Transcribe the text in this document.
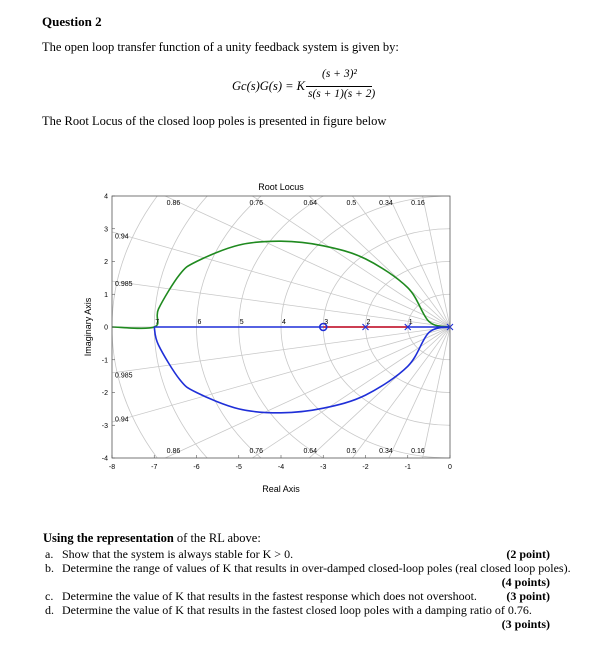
Question 2
The open loop transfer function of a unity feedback system is given by:
Gc(s)G(s) = K
(s + 3)²
s(s + 1)(s + 2)
The Root Locus of the closed loop poles is presented in figure below
-8	-7	-6	-5	-4	-3	-2	-1	0
4
3
2
1
0
-1
-2
-3
-4
0.86	0.76	0.64	0.5	0.34	0.16
0.86	0.76	0.64	0.5	0.34	0.16
0.94
0.985
0.985
0.94
7	6	5	4	3	2	1
Root Locus
Real Axis
Imaginary Axis
Using the representation of the RL above:
a. Show that the system is always stable for K > 0.	(2 point)
b. Determine the range of values of K that results in over-damped closed-loop poles (real closed loop poles).
(4 points)
c. Determine the value of K that results in the fastest response which does not overshoot. (3 point)
d. Determine the value of K that results in the fastest closed loop poles with a damping ratio of 0.76.
(3 points)
